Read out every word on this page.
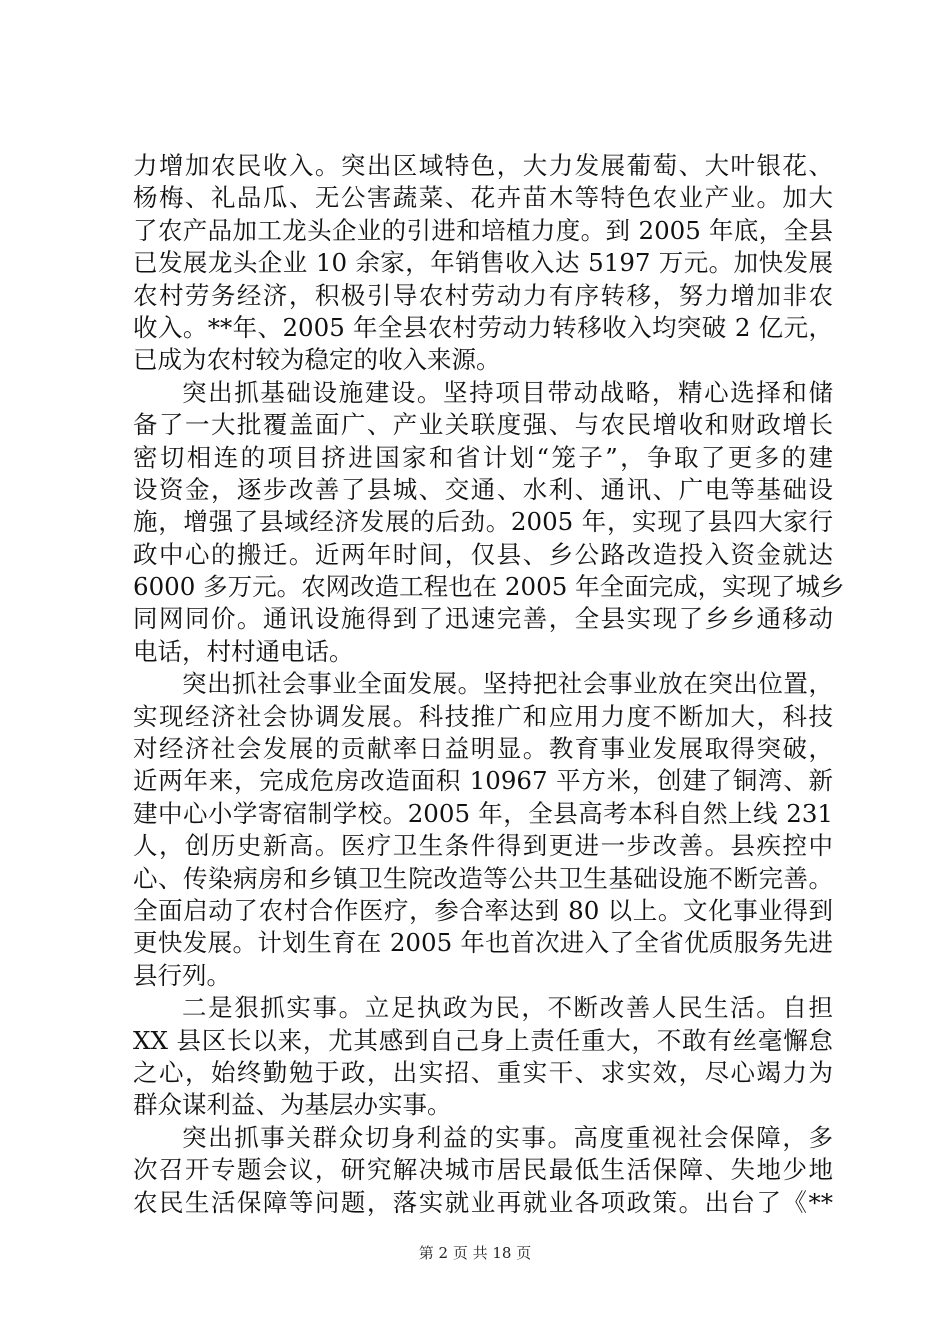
力增加农民收入。突出区域特色，大力发展葡萄、大叶银花、
杨梅、礼品瓜、无公害蔬菜、花卉苗木等特色农业产业。加大
了农产品加工龙头企业的引进和培植力度。到 2005 年底，全县
已发展龙头企业 10 余家，年销售收入达 5197 万元。加快发展
农村劳务经济，积极引导农村劳动力有序转移，努力增加非农
收入。**年、2005 年全县农村劳动力转移收入均突破 2 亿元，
已成为农村较为稳定的收入来源。
突出抓基础设施建设。坚持项目带动战略，精心选择和储
备了一大批覆盖面广、产业关联度强、与农民增收和财政增长
密切相连的项目挤进国家和省计划“笼子”，争取了更多的建
设资金，逐步改善了县城、交通、水利、通讯、广电等基础设
施，增强了县域经济发展的后劲。2005 年，实现了县四大家行
政中心的搬迁。近两年时间，仅县、乡公路改造投入资金就达
6000 多万元。农网改造工程也在 2005 年全面完成，实现了城乡
同网同价。通讯设施得到了迅速完善，全县实现了乡乡通移动
电话，村村通电话。
突出抓社会事业全面发展。坚持把社会事业放在突出位置，
实现经济社会协调发展。科技推广和应用力度不断加大，科技
对经济社会发展的贡献率日益明显。教育事业发展取得突破，
近两年来，完成危房改造面积 10967 平方米，创建了铜湾、新
建中心小学寄宿制学校。2005 年，全县高考本科自然上线 231
人，创历史新高。医疗卫生条件得到更进一步改善。县疾控中
心、传染病房和乡镇卫生院改造等公共卫生基础设施不断完善。
全面启动了农村合作医疗，参合率达到 80 以上。文化事业得到
更快发展。计划生育在 2005 年也首次进入了全省优质服务先进
县行列。
二是狠抓实事。立足执政为民，不断改善人民生活。自担
XX 县区长以来，尤其感到自己身上责任重大，不敢有丝毫懈怠
之心，始终勤勉于政，出实招、重实干、求实效，尽心竭力为
群众谋利益、为基层办实事。
突出抓事关群众切身利益的实事。高度重视社会保障，多
次召开专题会议，研究解决城市居民最低生活保障、失地少地
农民生活保障等问题，落实就业再就业各项政策。出台了《**
第 2 页 共 18 页
